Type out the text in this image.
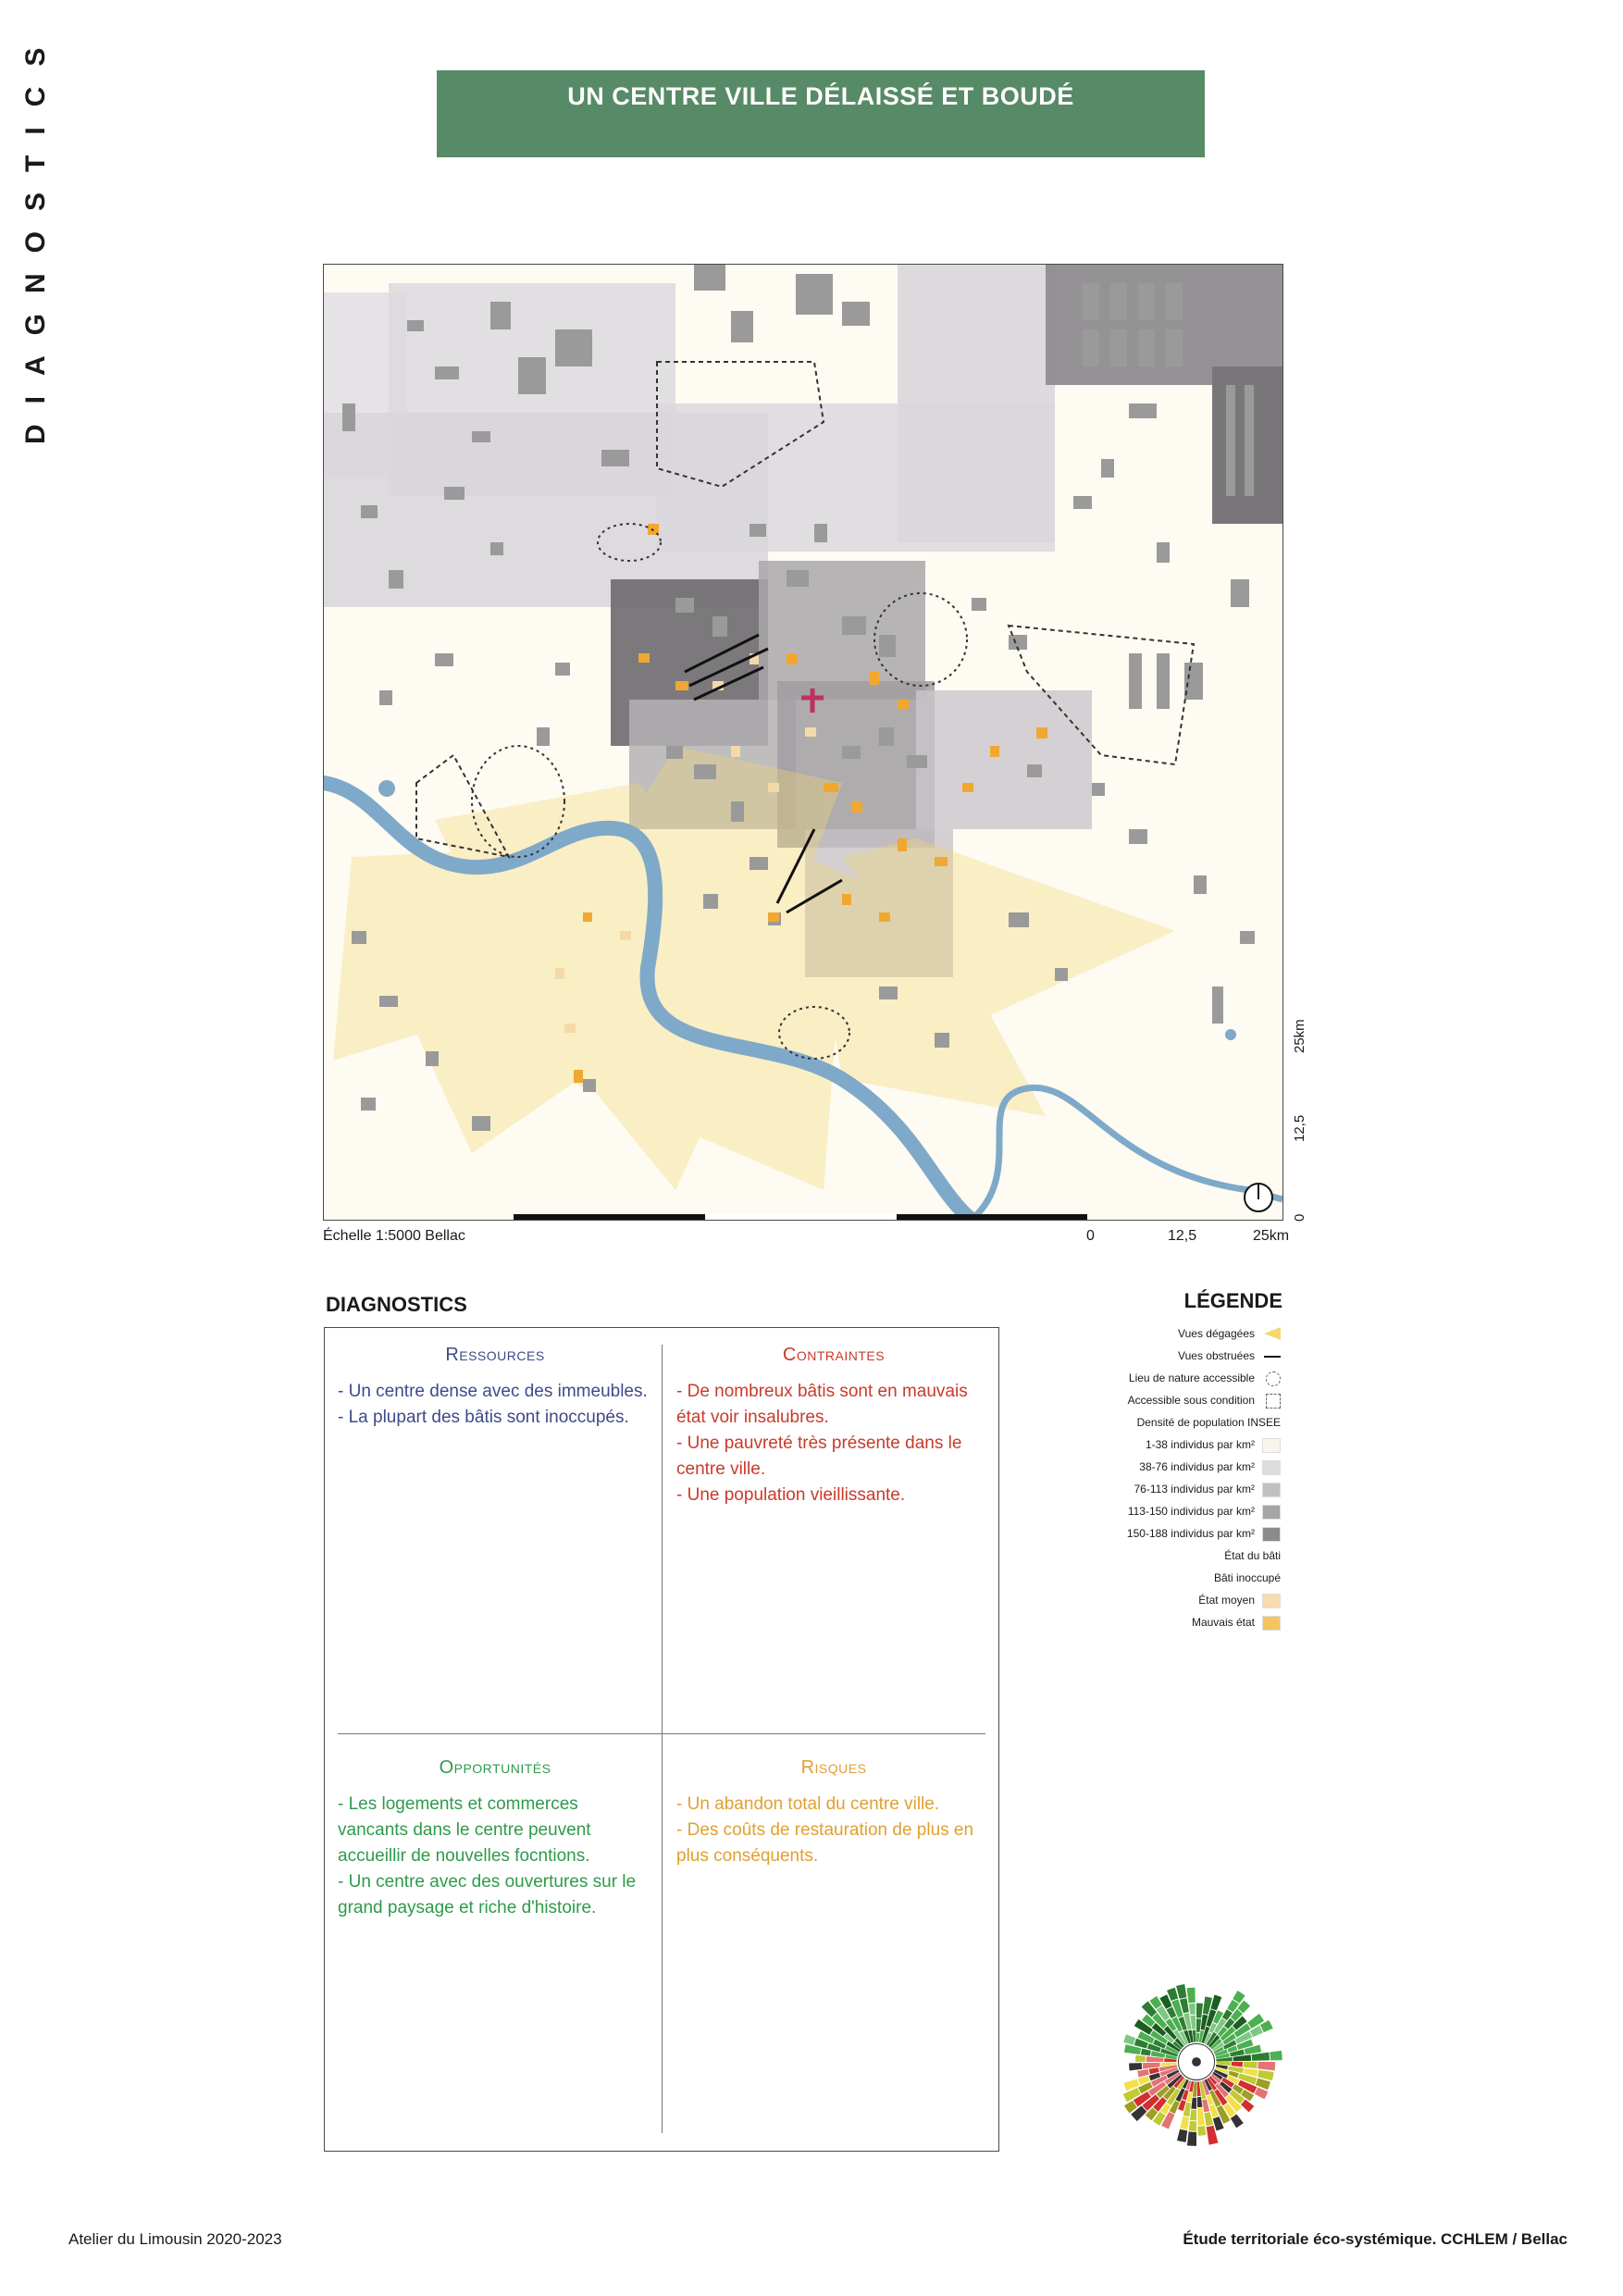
DIAGNOSTICS	UN CENTRE VILLE DÉLAISSÉ ET BOUDÉ
0
12,5
25km
Échelle 1:5000 Bellac	0	12,5	25km
DIAGNOSTICS
Ressources

- Un centre dense avec des immeubles.
- La plupart des bâtis sont inoccupés.

Contraintes

- De nombreux bâtis sont en mauvais état voir insalubres.
- Une pauvreté très présente dans le centre ville.
- Une population vieillissante.

Opportunités

- Les logements et commerces vancants dans le centre peuvent accueillir de nouvelles focntions.
- Un centre avec des ouvertures sur le grand paysage et riche d'histoire.

Risques

- Un abandon total du centre ville.
- Des coûts de restauration de plus en plus conséquents.

LÉGENDE
Vues dégagées
Vues obstruées
Lieu de nature accessible
Accessible sous condition
Densité de population INSEE
1-38 individus par km²
38-76 individus par km²
76-113 individus par km²
113-150 individus par km²
150-188 individus par km²
État du bâti
Bâti inoccupé
État moyen
Mauvais état
Atelier du Limousin 2020-2023	Étude territoriale éco-systémique. CCHLEM / Bellac
